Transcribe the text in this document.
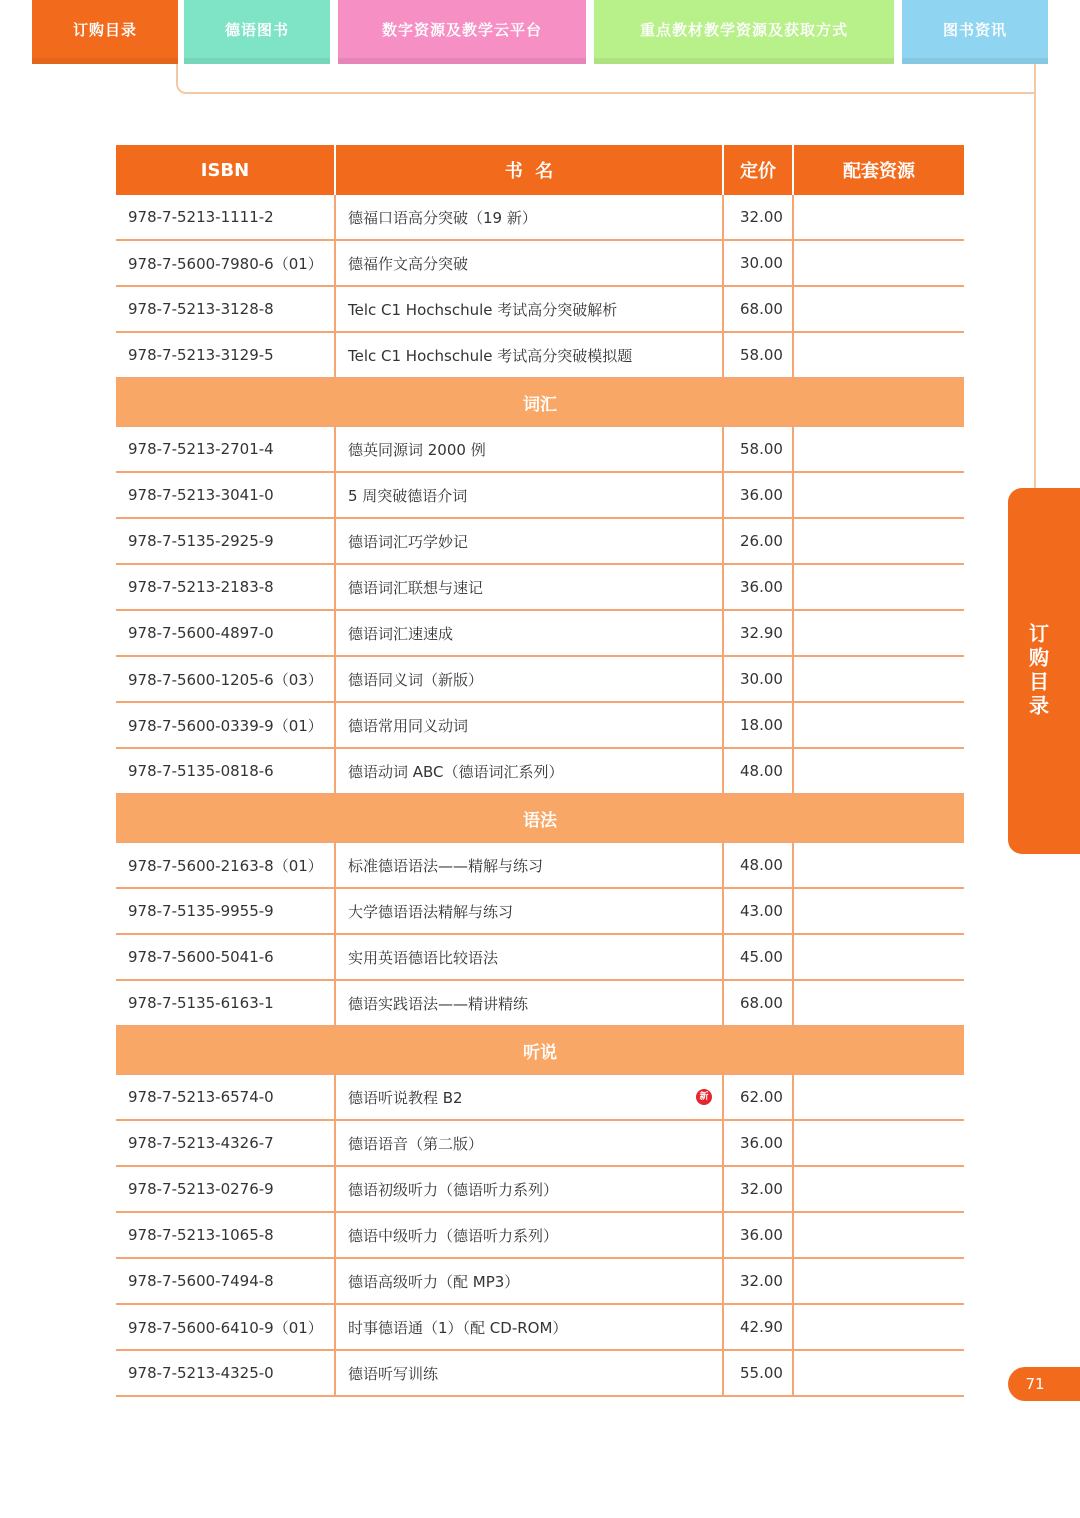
订购目录	德语图书	数字资源及教学云平台	重点教材教学资源及获取方式	图书资讯
ISBN	书  名	定价	配套资源
978-7-5213-1111-2	德福口语高分突破（19 新）	32.00	
978-7-5600-7980-6（01）	德福作文高分突破	30.00	
978-7-5213-3128-8	Telc C1 Hochschule 考试高分突破解析	68.00	
978-7-5213-3129-5	Telc C1 Hochschule 考试高分突破模拟题	58.00	
词汇			
978-7-5213-2701-4	德英同源词 2000 例	58.00	
978-7-5213-3041-0	5 周突破德语介词	36.00	
978-7-5135-2925-9	德语词汇巧学妙记	26.00	
978-7-5213-2183-8	德语词汇联想与速记	36.00	
978-7-5600-4897-0	德语词汇速速成	32.90	
978-7-5600-1205-6（03）	德语同义词（新版）	30.00	
978-7-5600-0339-9（01）	德语常用同义动词	18.00	
978-7-5135-0818-6	德语动词 ABC（德语词汇系列）	48.00	
语法			
978-7-5600-2163-8（01）	标准德语语法——精解与练习	48.00	
978-7-5135-9955-9	大学德语语法精解与练习	43.00	
978-7-5600-5041-6	实用英语德语比较语法	45.00	
978-7-5135-6163-1	德语实践语法——精讲精练	68.00	
听说			
978-7-5213-6574-0	德语听说教程 B2 新	62.00	
978-7-5213-4326-7	德语语音（第二版）	36.00	
978-7-5213-0276-9	德语初级听力（德语听力系列）	32.00	
978-7-5213-1065-8	德语中级听力（德语听力系列）	36.00	
978-7-5600-7494-8	德语高级听力（配 MP3）	32.00	
978-7-5600-6410-9（01）	时事德语通（1）（配 CD-ROM）	42.90	
978-7-5213-4325-0	德语听写训练	55.00	
订购目录
71
